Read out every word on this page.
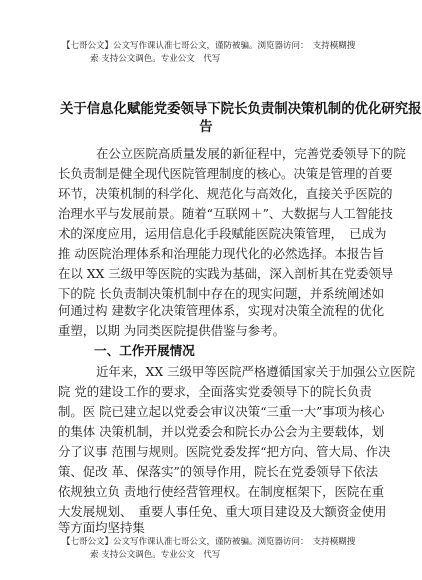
【七哥公文】公文写作课认准七哥公文，谨防被骗。浏览器访问：　支持模糊搜
索 支持公文调色。专业公文　代写
关于信息化赋能党委领导下院长负责制决策机制的优化研究报
告
在公立医院高质量发展的新征程中，完善党委领导下的院
长负责制是健全现代医院管理制度的核心。决策是管理的首要
环节，决策机制的科学化、规范化与高效化，直接关乎医院的
治理水平与发展前景。随着“互联网＋”、大数据与人工智能技
术的深度应用，运用信息化手段赋能医院决策管理，　已成为
推 动医院治理体系和治理能力现代化的必然选择。本报告旨
在以 XX 三级甲等医院的实践为基础，深入剖析其在党委领导
下的院 长负责制决策机制中存在的现实问题，并系统阐述如
何通过构 建数字化决策管理体系，实现对决策全流程的优化
重塑，以期 为同类医院提供借鉴与参考。
一、工作开展情况
近年来，XX 三级甲等医院严格遵循国家关于加强公立医院
院 党的建设工作的要求，全面落实党委领导下的院长负责
制。医 院已建立起以党委会审议决策“三重一大”事项为核心
的集体 决策机制，并以党委会和院长办公会为主要载体，划
分了议事 范围与规则。医院党委发挥“把方向、管大局、作决
策、促改 革、保落实”的领导作用，院长在党委领导下依法
依规独立负 责地行使经营管理权。在制度框架下，医院在重
大发展规划、　重要人事任免、重大项目建设及大额资金使用
等方面均坚持集
【七哥公文】公文写作课认准七哥公文，谨防被骗。浏览器访问：　支持模糊搜
索 支持公文调色。专业公文　代写
